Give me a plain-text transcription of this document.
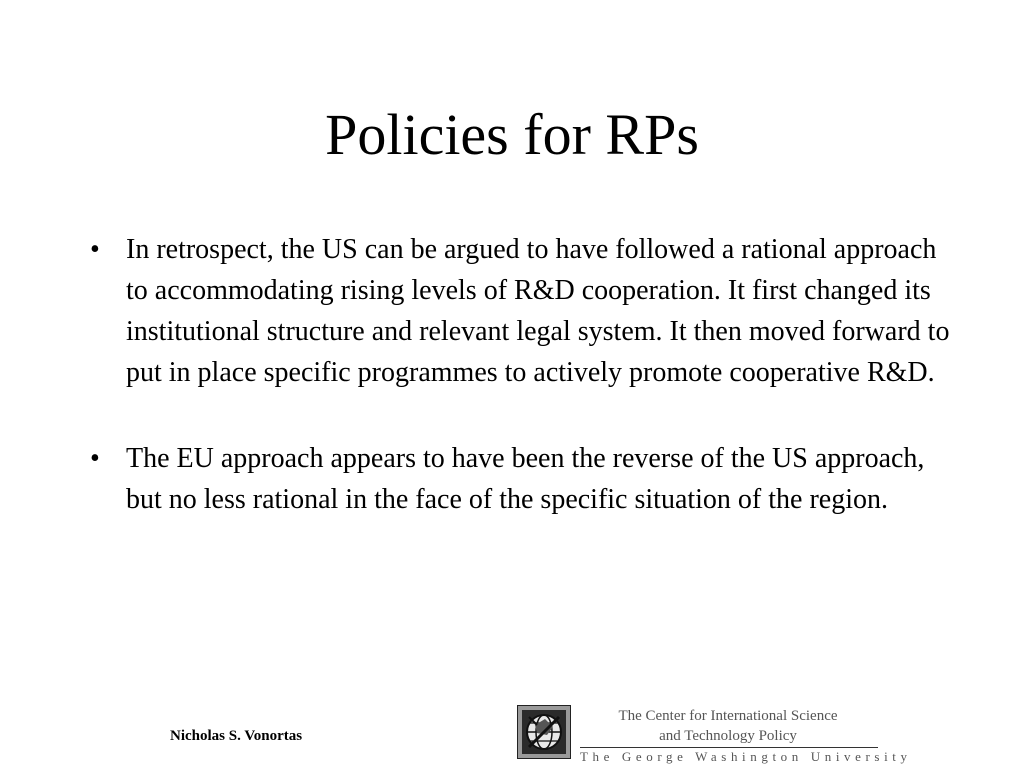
Policies for RPs
• In retrospect, the US can be argued to have followed a rational approach to accommodating rising levels of R&D cooperation. It first changed its institutional structure and relevant legal system. It then moved forward to put in place specific programmes to actively promote cooperative R&D.
• The EU approach appears to have been the reverse of the US approach, but no less rational in the face of the specific situation of the region.
Nicholas S. Vonortas
The Center for International Science
and Technology Policy
The George Washington University
